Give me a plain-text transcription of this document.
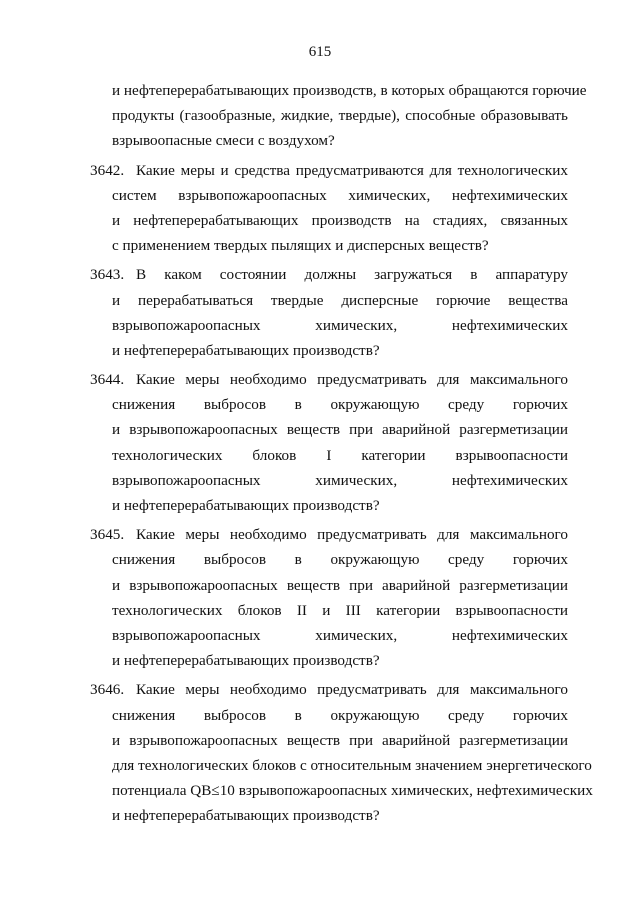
615
и нефтеперерабатывающих производств, в которых обращаются горючие
продукты (газообразные, жидкие, твердые), способные образовывать
взрывоопасные смеси с воздухом?
3642. Какие меры и средства предусматриваются для технологических
систем взрывопожароопасных химических, нефтехимических
и нефтеперерабатывающих производств на стадиях, связанных
с применением твердых пылящих и дисперсных веществ?
3643. В каком состоянии должны загружаться в аппаратуру
и перерабатываться твердые дисперсные горючие вещества
взрывопожароопасных химических, нефтехимических
и нефтеперерабатывающих производств?
3644. Какие меры необходимо предусматривать для максимального
снижения выбросов в окружающую среду горючих
и взрывопожароопасных веществ при аварийной разгерметизации
технологических блоков I категории взрывоопасности
взрывопожароопасных химических, нефтехимических
и нефтеперерабатывающих производств?
3645. Какие меры необходимо предусматривать для максимального
снижения выбросов в окружающую среду горючих
и взрывопожароопасных веществ при аварийной разгерметизации
технологических блоков II и III категории взрывоопасности
взрывопожароопасных химических, нефтехимических
и нефтеперерабатывающих производств?
3646. Какие меры необходимо предусматривать для максимального
снижения выбросов в окружающую среду горючих
и взрывопожароопасных веществ при аварийной разгерметизации
для технологических блоков с относительным значением энергетического
потенциала QB≤10 взрывопожароопасных химических, нефтехимических
и нефтеперерабатывающих производств?
